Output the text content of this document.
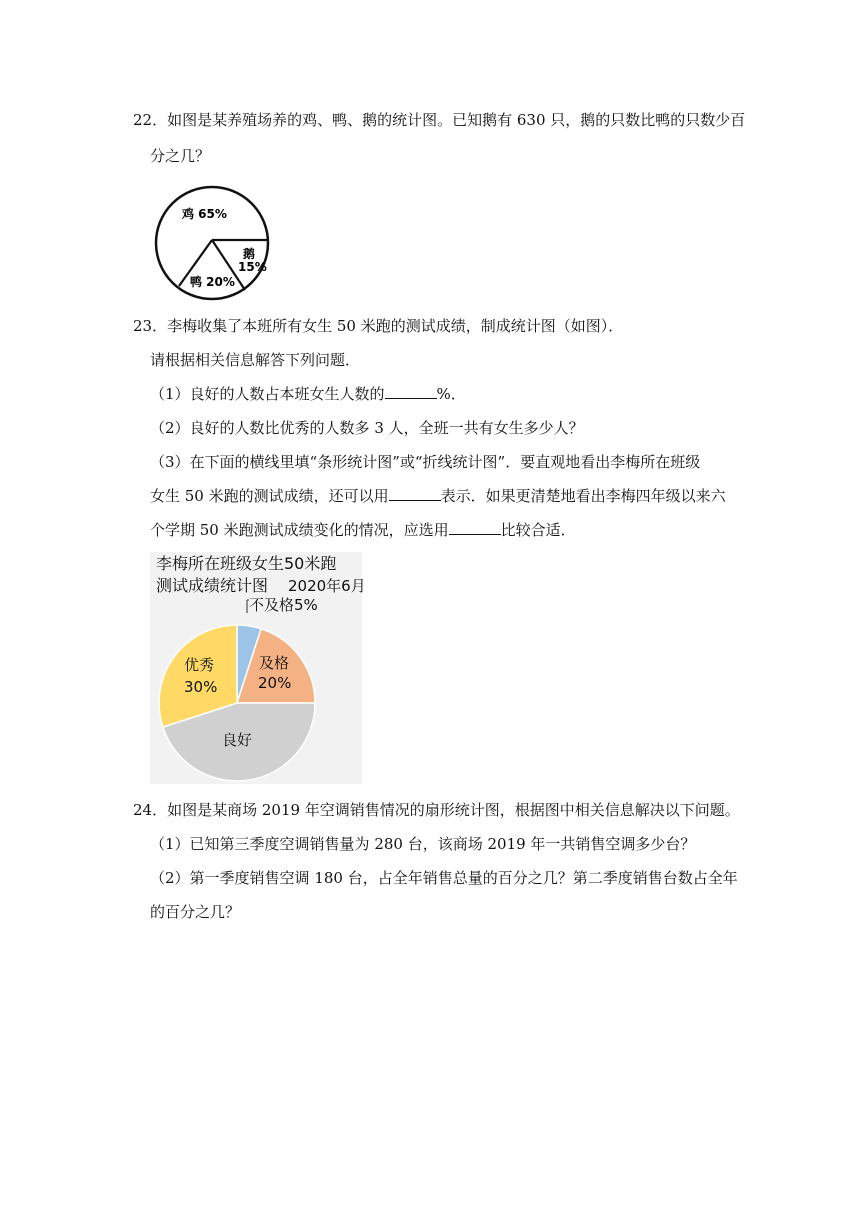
22．如图是某养殖场养的鸡、鸭、鹅的统计图。已知鹅有 630 只，鹅的只数比鸭的只数少百
分之几？
鸡 65%
鹅
15%
鸭 20%
23．李梅收集了本班所有女生 50 米跑的测试成绩，制成统计图（如图）．
请根据相关信息解答下列问题．
（1）良好的人数占本班女生人数的	%．
（2）良好的人数比优秀的人数多 3 人，全班一共有女生多少人？
（3）在下面的横线里填“条形统计图”或“折线统计图”．要直观地看出李梅所在班级
女生 50 米跑的测试成绩，还可以用	表示．如果更清楚地看出李梅四年级以来六
个学期 50 米跑测试成绩变化的情况，应选用	比较合适．
李梅所在班级女生50米跑
测试成绩统计图 2020年6月
不及格5%
及格
20%
优秀
30%
良好
24．如图是某商场 2019 年空调销售情况的扇形统计图，根据图中相关信息解决以下问题。
（1）已知第三季度空调销售量为 280 台，该商场 2019 年一共销售空调多少台？
（2）第一季度销售空调 180 台，占全年销售总量的百分之几？第二季度销售台数占全年
的百分之几？
